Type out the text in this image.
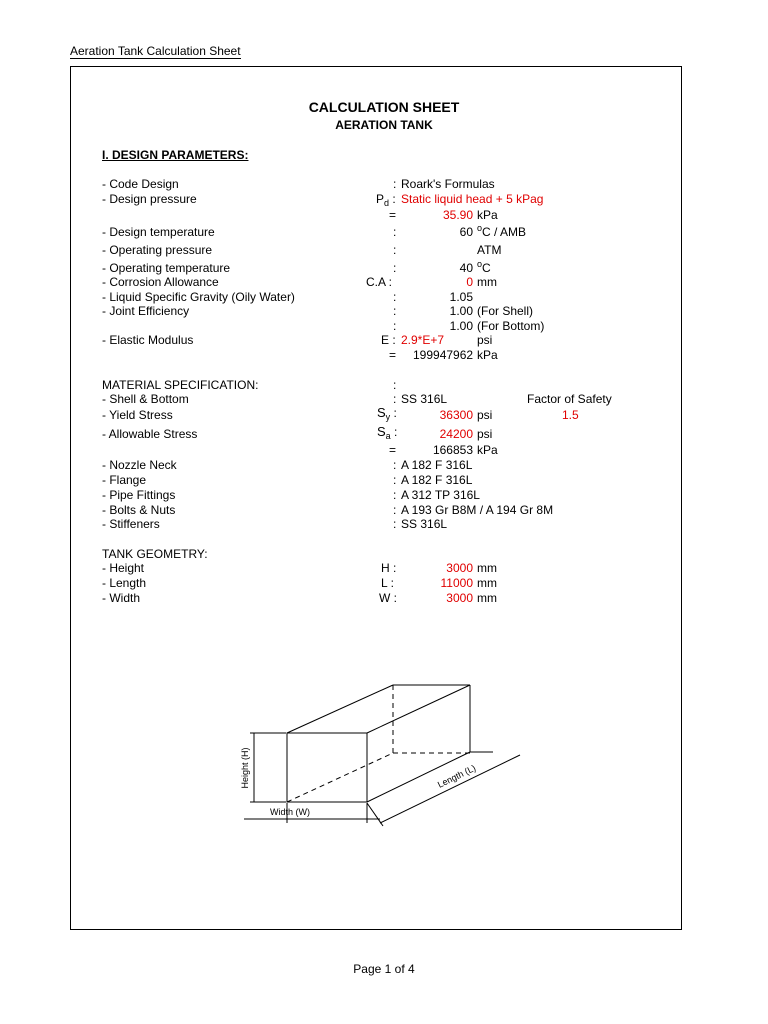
Aeration Tank Calculation Sheet
CALCULATION SHEET
AERATION TANK
I. DESIGN PARAMETERS:
- Code Design	: Roark's Formulas
- Design pressure	$P_d$ : Static liquid head + 5 kPag
=	35.90 kPa
- Design temperature	:	60 $^o$C / AMB
- Operating pressure	:	ATM
- Operating temperature	:	40 $^o$C
- Corrosion Allowance	C.A :	0 mm
- Liquid Specific Gravity (Oily Water)	:	1.05
- Joint Efficiency	:	1.00 (For Shell)
:	1.00 (For Bottom)
- Elastic Modulus	E : 2.9*E+7	psi
= 199947962 kPa
MATERIAL SPECIFICATION:	:
- Shell & Bottom	: SS 316L	Factor of Safety
- Yield Stress	$S_y$ :	36300 psi	1.5
- Allowable Stress	$S_a$ :	24200 psi
=	166853 kPa
- Nozzle Neck	: A 182 F 316L
- Flange	: A 182 F 316L
- Pipe Fittings	: A 312 TP 316L
- Bolts & Nuts	: A 193 Gr B8M / A 194 Gr 8M
- Stiffeners	: SS 316L
TANK GEOMETRY:
- Height	H :	3000 mm
- Length	L :	11000 mm
- Width	W :	3000 mm
Height (H)
Width (W)
Length (L)
Page 1 of 4
